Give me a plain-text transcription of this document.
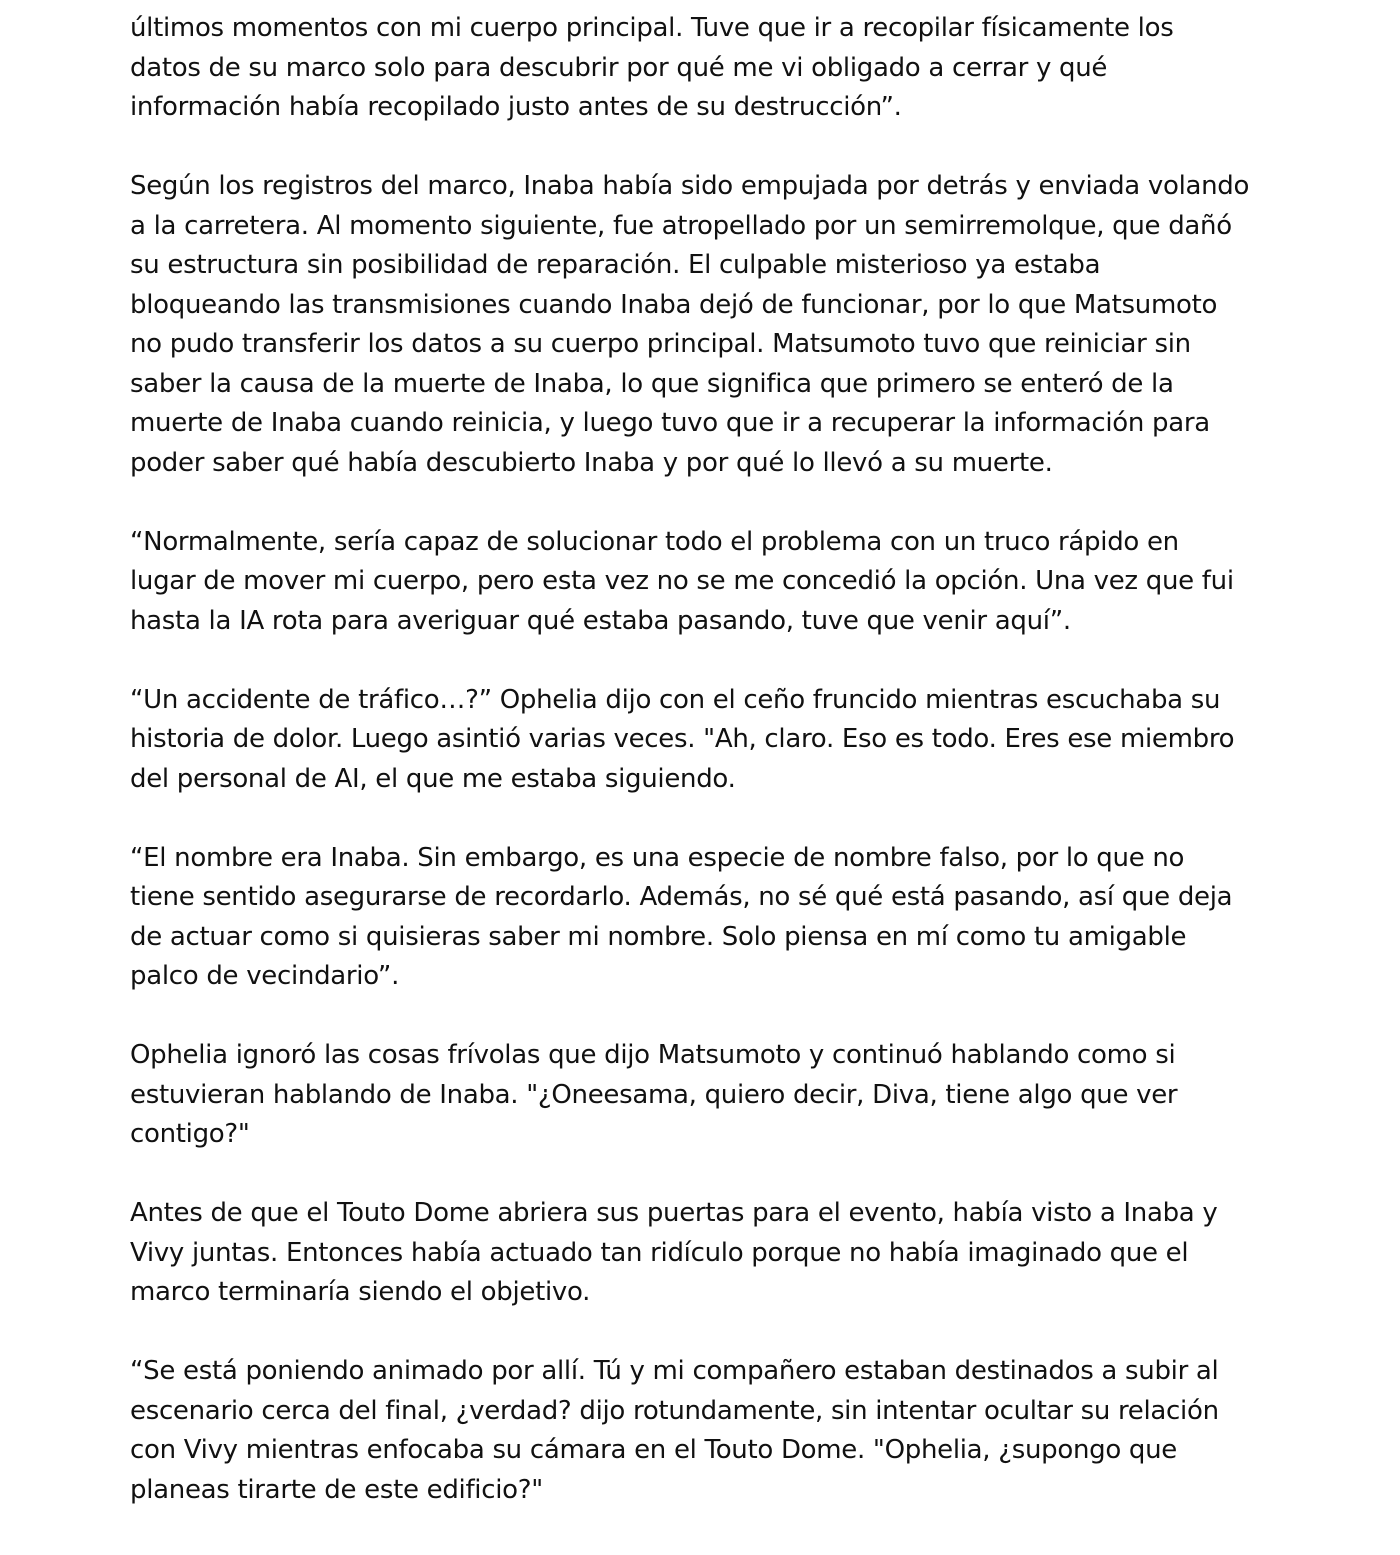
últimos momentos con mi cuerpo principal. Tuve que ir a recopilar físicamente los
datos de su marco solo para descubrir por qué me vi obligado a cerrar y qué
información había recopilado justo antes de su destrucción”.

Según los registros del marco, Inaba había sido empujada por detrás y enviada volando
a la carretera. Al momento siguiente, fue atropellado por un semirremolque, que dañó
su estructura sin posibilidad de reparación. El culpable misterioso ya estaba
bloqueando las transmisiones cuando Inaba dejó de funcionar, por lo que Matsumoto
no pudo transferir los datos a su cuerpo principal. Matsumoto tuvo que reiniciar sin
saber la causa de la muerte de Inaba, lo que significa que primero se enteró de la
muerte de Inaba cuando reinicia, y luego tuvo que ir a recuperar la información para
poder saber qué había descubierto Inaba y por qué lo llevó a su muerte.

“Normalmente, sería capaz de solucionar todo el problema con un truco rápido en
lugar de mover mi cuerpo, pero esta vez no se me concedió la opción. Una vez que fui
hasta la IA rota para averiguar qué estaba pasando, tuve que venir aquí”.

“Un accidente de tráfico…?” Ophelia dijo con el ceño fruncido mientras escuchaba su
historia de dolor. Luego asintió varias veces. "Ah, claro. Eso es todo. Eres ese miembro
del personal de AI, el que me estaba siguiendo.

“El nombre era Inaba. Sin embargo, es una especie de nombre falso, por lo que no
tiene sentido asegurarse de recordarlo. Además, no sé qué está pasando, así que deja
de actuar como si quisieras saber mi nombre. Solo piensa en mí como tu amigable
palco de vecindario”.

Ophelia ignoró las cosas frívolas que dijo Matsumoto y continuó hablando como si
estuvieran hablando de Inaba. "¿Oneesama, quiero decir, Diva, tiene algo que ver
contigo?"

Antes de que el Touto Dome abriera sus puertas para el evento, había visto a Inaba y
Vivy juntas. Entonces había actuado tan ridículo porque no había imaginado que el
marco terminaría siendo el objetivo.

“Se está poniendo animado por allí. Tú y mi compañero estaban destinados a subir al
escenario cerca del final, ¿verdad? dijo rotundamente, sin intentar ocultar su relación
con Vivy mientras enfocaba su cámara en el Touto Dome. "Ophelia, ¿supongo que
planeas tirarte de este edificio?"
